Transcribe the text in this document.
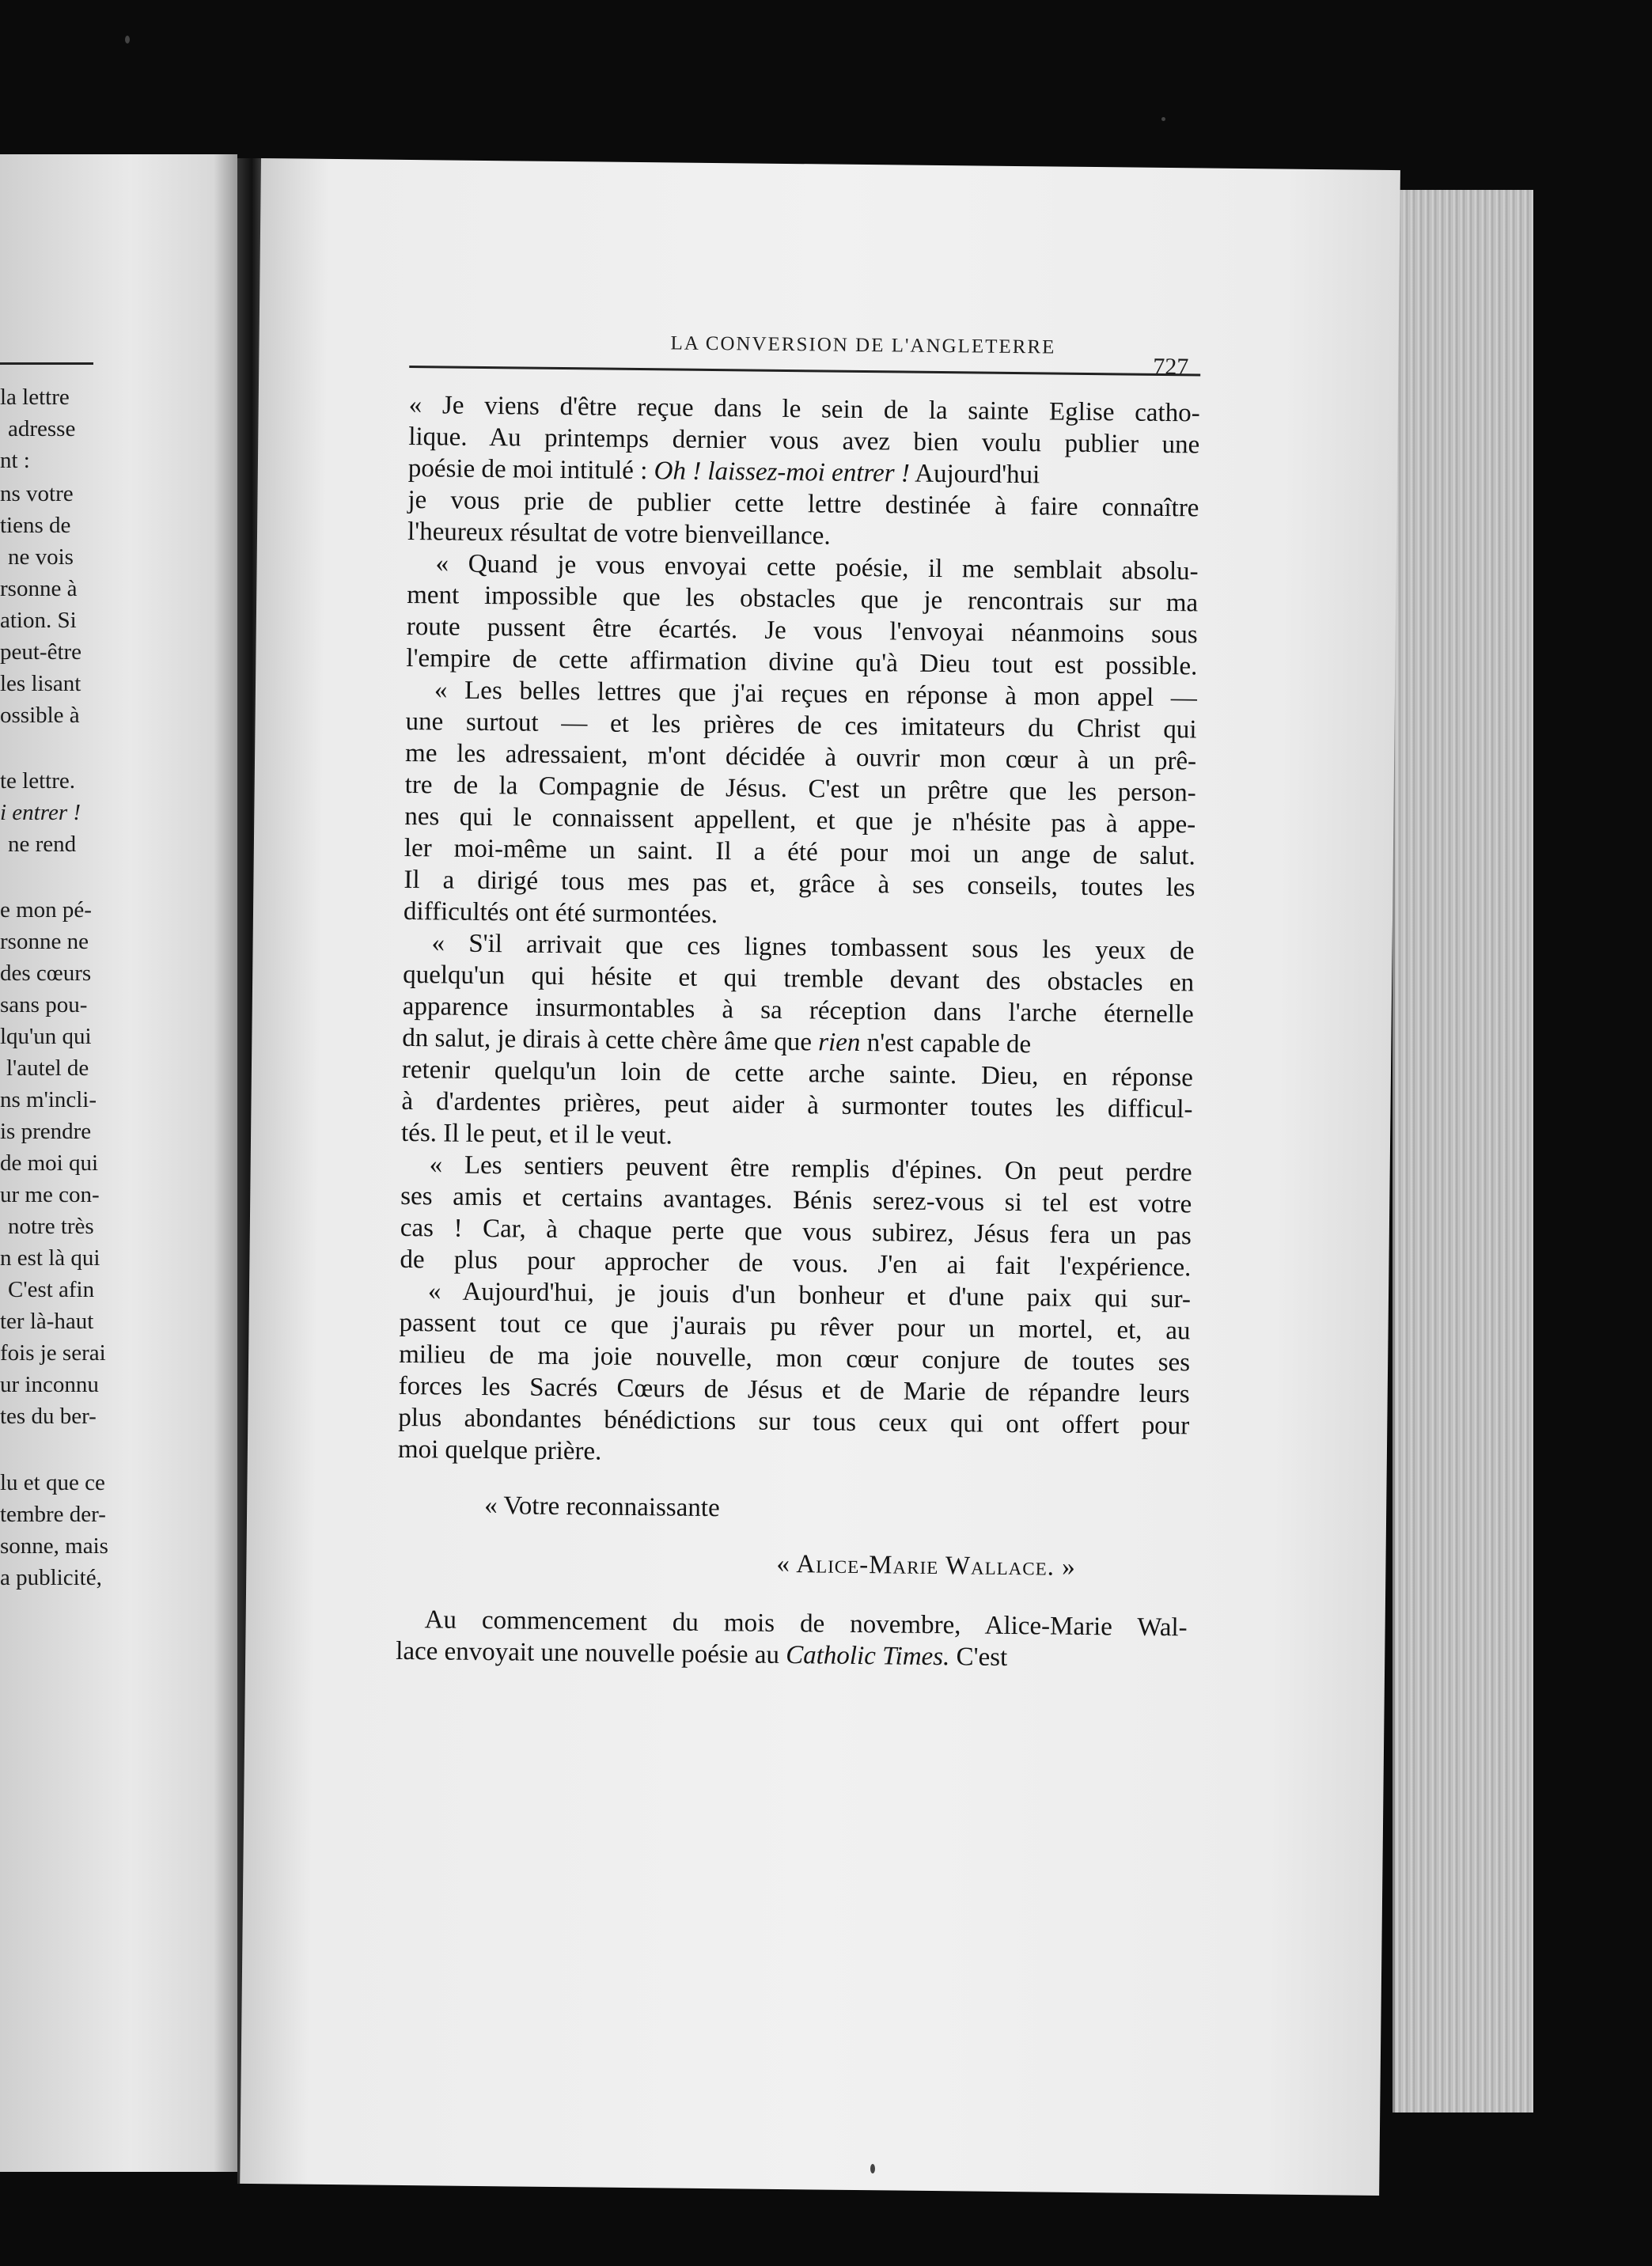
la lettre
adresse
nt :
ns votre
tiens de
ne vois
rsonne à
ation. Si
peut-être
les lisant
ossible à
te lettre.
i entrer !
ne rend
e mon pé-
rsonne ne
des cœurs
sans pou-
lqu'un qui
l'autel de
ns m'incli-
is prendre
de moi qui
ur me con-
notre très
n est là qui
C'est afin
ter là-haut
fois je serai
ur inconnu
tes du ber-
lu et que ce
tembre der-
sonne, mais
a publicité,
LA CONVERSION DE L'ANGLETERRE
727
« Je viens d'être reçue dans le sein de la sainte Eglise catho-
lique. Au printemps dernier vous avez bien voulu publier une
poésie de moi intitulé : Oh ! laissez-moi entrer ! Aujourd'hui
je vous prie de publier cette lettre destinée à faire connaître
l'heureux résultat de votre bienveillance.
« Quand je vous envoyai cette poésie, il me semblait absolu-
ment impossible que les obstacles que je rencontrais sur ma
route pussent être écartés. Je vous l'envoyai néanmoins sous
l'empire de cette affirmation divine qu'à Dieu tout est possible.
« Les belles lettres que j'ai reçues en réponse à mon appel —
une surtout — et les prières de ces imitateurs du Christ qui
me les adressaient, m'ont décidée à ouvrir mon cœur à un prê-
tre de la Compagnie de Jésus. C'est un prêtre que les person-
nes qui le connaissent appellent, et que je n'hésite pas à appe-
ler moi-même un saint. Il a été pour moi un ange de salut.
Il a dirigé tous mes pas et, grâce à ses conseils, toutes les
difficultés ont été surmontées.
« S'il arrivait que ces lignes tombassent sous les yeux de
quelqu'un qui hésite et qui tremble devant des obstacles en
apparence insurmontables à sa réception dans l'arche éternelle
dn salut, je dirais à cette chère âme que rien n'est capable de
retenir quelqu'un loin de cette arche sainte. Dieu, en réponse
à d'ardentes prières, peut aider à surmonter toutes les difficul-
tés. Il le peut, et il le veut.
« Les sentiers peuvent être remplis d'épines. On peut perdre
ses amis et certains avantages. Bénis serez-vous si tel est votre
cas ! Car, à chaque perte que vous subirez, Jésus fera un pas
de plus pour approcher de vous. J'en ai fait l'expérience.
« Aujourd'hui, je jouis d'un bonheur et d'une paix qui sur-
passent tout ce que j'aurais pu rêver pour un mortel, et, au
milieu de ma joie nouvelle, mon cœur conjure de toutes ses
forces les Sacrés Cœurs de Jésus et de Marie de répandre leurs
plus abondantes bénédictions sur tous ceux qui ont offert pour
moi quelque prière.
« Votre reconnaissante
« Alice-Marie Wallace. »
Au commencement du mois de novembre, Alice-Marie Wal-
lace envoyait une nouvelle poésie au Catholic Times. C'est
